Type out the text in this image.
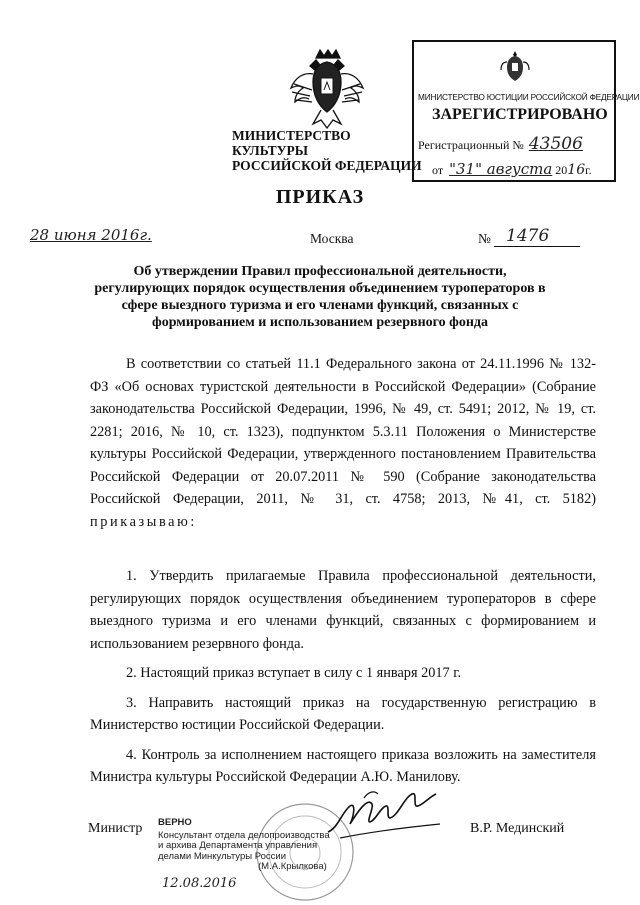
МИНИСТЕРСТВО КУЛЬТУРЫ
РОССИЙСКОЙ ФЕДЕРАЦИИ
МИНИСТЕРСТВО ЮСТИЦИИ РОССИЙСКОЙ ФЕДЕРАЦИИ
ЗАРЕГИСТРИРОВАНО
Регистрационный № 43506
от "31" августа 2016г.
ПРИКАЗ
28 июня 2016г.	Москва	№ 1476
Об утверждении Правил профессиональной деятельности,
регулирующих порядок осуществления объединением туроператоров в
сфере выездного туризма и его членами функций, связанных с
формированием и использованием резервного фонда

В соответствии со статьей 11.1 Федерального закона от 24.11.1996 № 132-ФЗ «Об основах туристской деятельности в Российской Федерации» (Собрание законодательства Российской Федерации, 1996, № 49, ст. 5491; 2012, № 19, ст. 2281; 2016, № 10, ст. 1323), подпунктом 5.3.11 Положения о Министерстве культуры Российской Федерации, утвержденного постановлением Правительства Российской Федерации от 20.07.2011 № 590 (Собрание законодательства Российской Федерации, 2011, № 31, ст. 4758; 2013, №41, ст. 5182) приказываю:

1. Утвердить прилагаемые Правила профессиональной деятельности, регулирующих порядок осуществления объединением туроператоров в сфере выездного туризма и его членами функций, связанных с формированием и использованием резервного фонда.

2. Настоящий приказ вступает в силу с 1 января 2017 г.

3. Направить настоящий приказ на государственную регистрацию в Министерство юстиции Российской Федерации.

4. Контроль за исполнением настоящего приказа возложить на заместителя Министра культуры Российской Федерации А.Ю. Манилову.

Министр	В.Р. Мединский
ВЕРНО
Консультант отдела делопроизводства
и архива Департамента управления
делами Минкультуры России
(М.А.Крылкова)
12.08.2016
